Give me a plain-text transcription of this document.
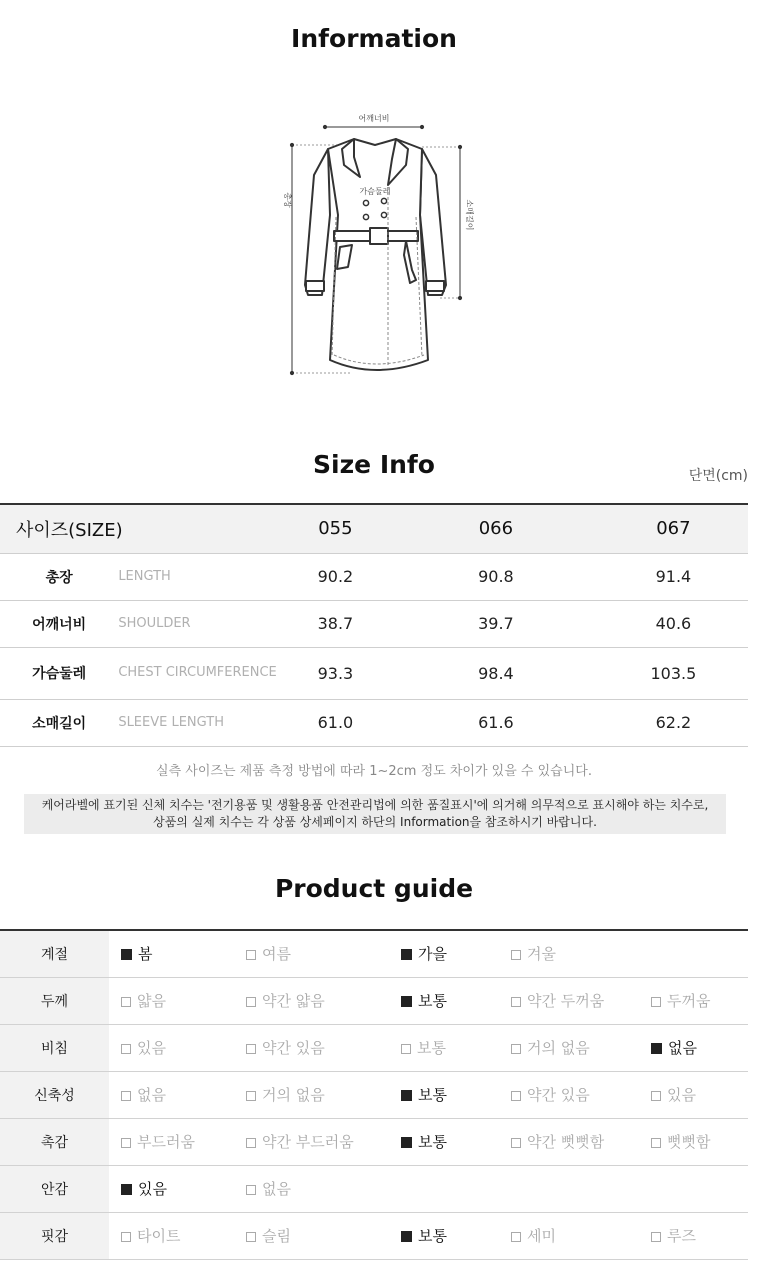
Information
어깨너비
가슴둘레
총장	소매길이
Size Info	단면(cm)
사이즈(SIZE)		055	066	067
총장	LENGTH	90.2	90.8	91.4
어깨너비	SHOULDER	38.7	39.7	40.6
가슴둘레	CHEST CIRCUMFERENCE	93.3	98.4	103.5
소매길이	SLEEVE LENGTH	61.0	61.6	62.2
실측 사이즈는 제품 측정 방법에 따라 1~2cm 정도 차이가 있을 수 있습니다.
케어라벨에 표기된 신체 치수는 '전기용품 및 생활용품 안전관리법에 의한 품질표시'에 의거해 의무적으로 표시해야 하는 치수로,
상품의 실제 치수는 각 상품 상세페이지 하단의 Information을 참조하시기 바랍니다.
Product guide
계절	봄	여름	가을	겨울	
두께	얇음	약간 얇음	보통	약간 두꺼움	두꺼움
비침	있음	약간 있음	보통	거의 없음	없음
신축성	없음	거의 없음	보통	약간 있음	있음
촉감	부드러움	약간 부드러움	보통	약간 뻣뻣함	뻣뻣함
안감	있음	없음			
핏감	타이트	슬림	보통	세미	루즈
